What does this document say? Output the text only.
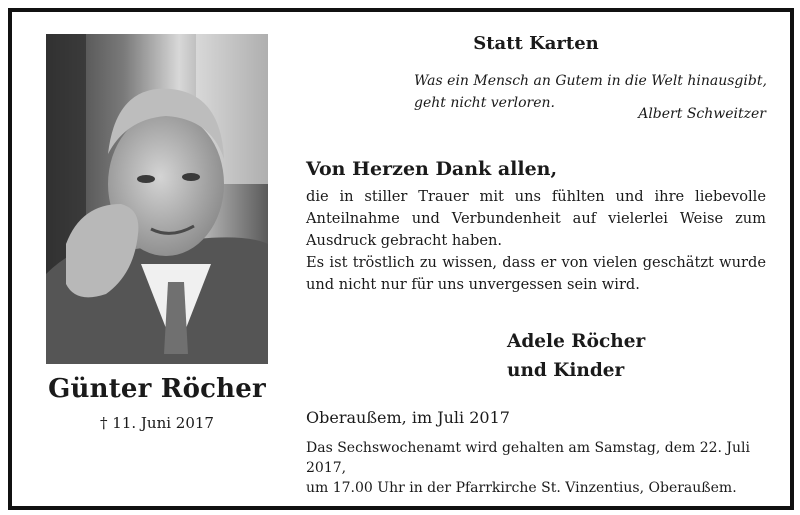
Günter Röcher
† 11. Juni 2017
Statt Karten
Was ein Mensch an Gutem in die Welt hinausgibt,
geht nicht verloren.
Albert Schweitzer
Von Herzen Dank allen,

die in stiller Trauer mit uns fühlten und ihre liebevolle Anteilnahme und Verbundenheit auf vielerlei Weise zum Ausdruck gebracht haben.

Es ist tröstlich zu wissen, dass er von vielen geschätzt wurde und nicht nur für uns unvergessen sein wird.

Adele Röcher
und Kinder
Oberaußem, im Juli 2017
Das Sechswochenamt wird gehalten am Samstag, dem 22. Juli 2017,
um 17.00 Uhr in der Pfarrkirche St. Vinzentius, Oberaußem.
